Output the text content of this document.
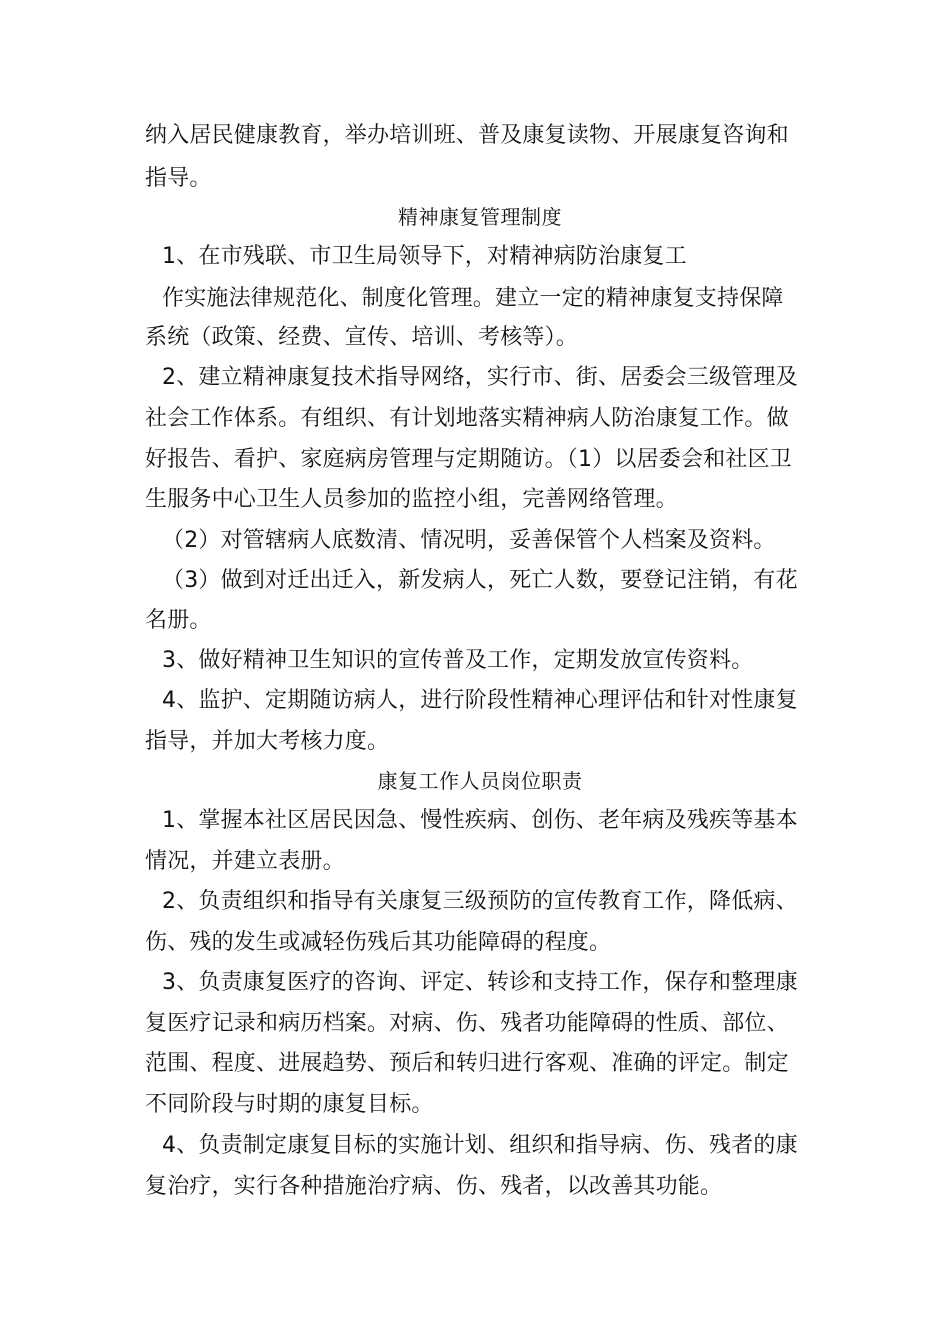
纳入居民健康教育，举办培训班、普及康复读物、开展康复咨询和
指导。
精神康复管理制度
1、在市残联、市卫生局领导下，对精神病防治康复工
作实施法律规范化、制度化管理。建立一定的精神康复支持保障
系统（政策、经费、宣传、培训、考核等）。
2、建立精神康复技术指导网络，实行市、街、居委会三级管理及
社会工作体系。有组织、有计划地落实精神病人防治康复工作。做
好报告、看护、家庭病房管理与定期随访。（1）以居委会和社区卫
生服务中心卫生人员参加的监控小组，完善网络管理。
（2）对管辖病人底数清、情况明，妥善保管个人档案及资料。
（3）做到对迁出迁入，新发病人，死亡人数，要登记注销，有花
名册。
3、做好精神卫生知识的宣传普及工作，定期发放宣传资料。
4、监护、定期随访病人，进行阶段性精神心理评估和针对性康复
指导，并加大考核力度。
康复工作人员岗位职责
1、掌握本社区居民因急、慢性疾病、创伤、老年病及残疾等基本
情况，并建立表册。
2、负责组织和指导有关康复三级预防的宣传教育工作，降低病、
伤、残的发生或减轻伤残后其功能障碍的程度。
3、负责康复医疗的咨询、评定、转诊和支持工作，保存和整理康
复医疗记录和病历档案。对病、伤、残者功能障碍的性质、部位、
范围、程度、进展趋势、预后和转归进行客观、准确的评定。制定
不同阶段与时期的康复目标。
4、负责制定康复目标的实施计划、组织和指导病、伤、残者的康
复治疗，实行各种措施治疗病、伤、残者，以改善其功能。
